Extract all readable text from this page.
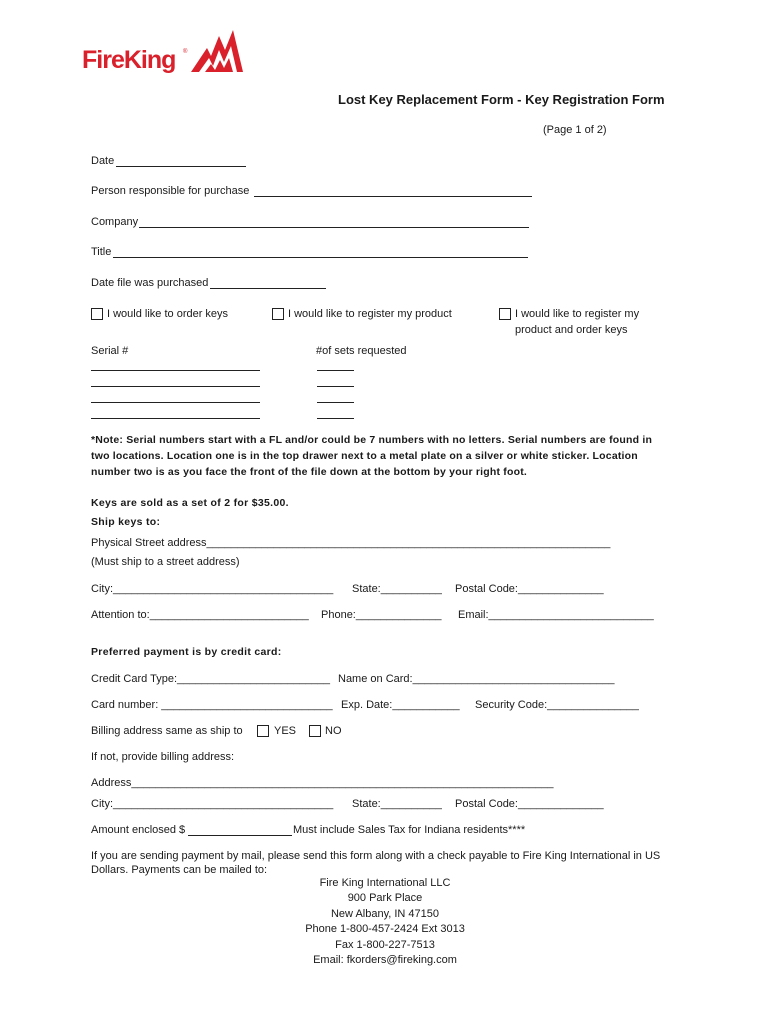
FireKing ®
Lost Key Replacement Form - Key Registration Form
(Page 1 of 2)
Date
Person responsible for purchase
Company
Title
Date file was purchased
I would like to order keys	I would like to register my product	I would like to register my
product and order keys
Serial #	#of sets requested
*Note: Serial numbers start with a FL and/or could be 7 numbers with no letters. Serial numbers are found in
two locations. Location one is in the top drawer next to a metal plate on a silver or white sticker. Location
number two is as you face the front of the file down at the bottom by your right foot.
Keys are sold as a set of 2 for $35.00.
Ship keys to:
Physical Street address__________________________________________________________________
(Must ship to a street address)
City:____________________________________ State:__________ Postal Code:______________
Attention to:__________________________ Phone:______________ Email:___________________________
Preferred payment is by credit card:
Credit Card Type:_________________________ Name on Card:_________________________________
Card number: ____________________________ Exp. Date:___________ Security Code:_______________
Billing address same as ship to	YES	NO
If not, provide billing address:
Address_____________________________________________________________________
City:____________________________________ State:__________ Postal Code:______________
Amount enclosed $	Must include Sales Tax for Indiana residents****
If you are sending payment by mail, please send this form along with a check payable to Fire King International in US
Dollars. Payments can be mailed to:
Fire King International LLC
900 Park Place
New Albany, IN 47150
Phone 1-800-457-2424 Ext 3013
Fax 1-800-227-7513
Email: fkorders@fireking.com
